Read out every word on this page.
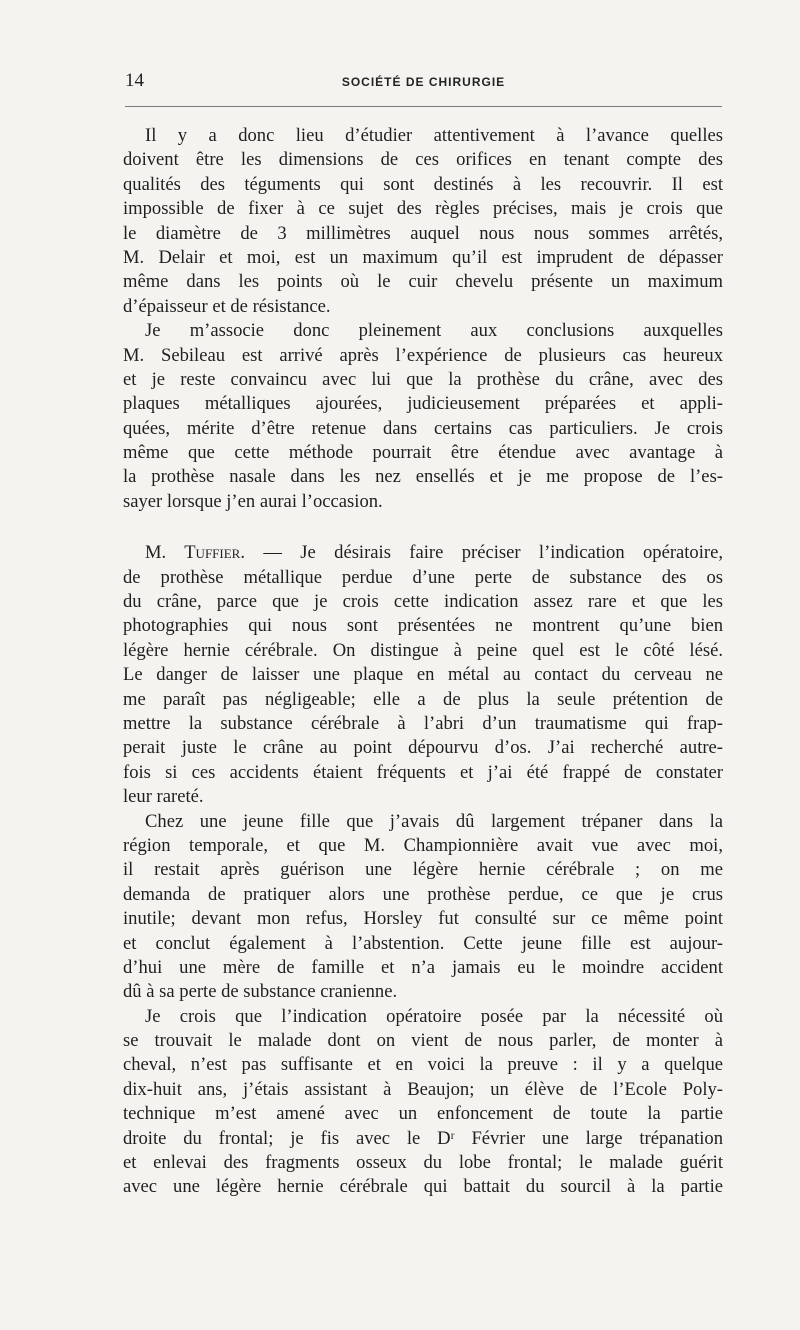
14	SOCIÉTÉ DE CHIRURGIE
Il y a donc lieu d’étudier attentivement à l’avance quelles
doivent être les dimensions de ces orifices en tenant compte des
qualités des téguments qui sont destinés à les recouvrir. Il est
impossible de fixer à ce sujet des règles précises, mais je crois que
le diamètre de 3 millimètres auquel nous nous sommes arrêtés,
M. Delair et moi, est un maximum qu’il est imprudent de dépasser
même dans les points où le cuir chevelu présente un maximum
d’épaisseur et de résistance.
Je m’associe donc pleinement aux conclusions auxquelles
M. Sebileau est arrivé après l’expérience de plusieurs cas heureux
et je reste convaincu avec lui que la prothèse du crâne, avec des
plaques métalliques ajourées, judicieusement préparées et appli-
quées, mérite d’être retenue dans certains cas particuliers. Je crois
même que cette méthode pourrait être étendue avec avantage à
la prothèse nasale dans les nez ensellés et je me propose de l’es-
sayer lorsque j’en aurai l’occasion.
M. Tuffier. — Je désirais faire préciser l’indication opératoire,
de prothèse métallique perdue d’une perte de substance des os
du crâne, parce que je crois cette indication assez rare et que les
photographies qui nous sont présentées ne montrent qu’une bien
légère hernie cérébrale. On distingue à peine quel est le côté lésé.
Le danger de laisser une plaque en métal au contact du cerveau ne
me paraît pas négligeable; elle a de plus la seule prétention de
mettre la substance cérébrale à l’abri d’un traumatisme qui frap-
perait juste le crâne au point dépourvu d’os. J’ai recherché autre-
fois si ces accidents étaient fréquents et j’ai été frappé de constater
leur rareté.
Chez une jeune fille que j’avais dû largement trépaner dans la
région temporale, et que M. Championnière avait vue avec moi,
il restait après guérison une légère hernie cérébrale ; on me
demanda de pratiquer alors une prothèse perdue, ce que je crus
inutile; devant mon refus, Horsley fut consulté sur ce même point
et conclut également à l’abstention. Cette jeune fille est aujour-
d’hui une mère de famille et n’a jamais eu le moindre accident
dû à sa perte de substance cranienne.
Je crois que l’indication opératoire posée par la nécessité où
se trouvait le malade dont on vient de nous parler, de monter à
cheval, n’est pas suffisante et en voici la preuve : il y a quelque
dix-huit ans, j’étais assistant à Beaujon; un élève de l’Ecole Poly-
technique m’est amené avec un enfoncement de toute la partie
droite du frontal; je fis avec le Dʳ Février une large trépanation
et enlevai des fragments osseux du lobe frontal; le malade guérit
avec une légère hernie cérébrale qui battait du sourcil à la partie
